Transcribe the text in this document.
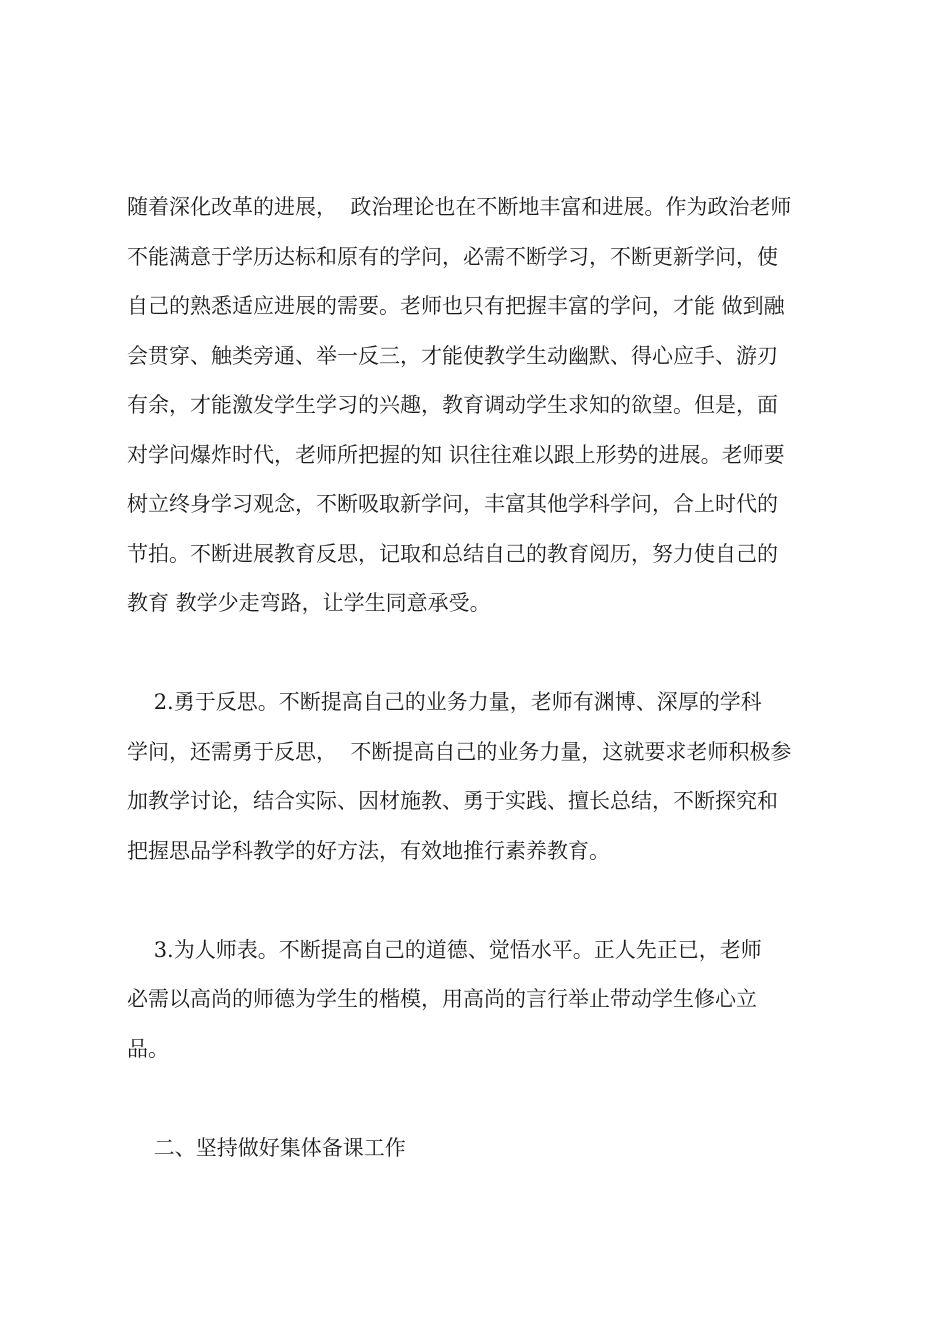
随着深化改革的进展，  政治理论也在不断地丰富和进展。作为政治老师
不能满意于学历达标和原有的学问，必需不断学习，不断更新学问，使
自己的熟悉适应进展的需要。老师也只有把握丰富的学问，才能 做到融
会贯穿、触类旁通、举一反三，才能使教学生动幽默、得心应手、游刃
有余，才能激发学生学习的兴趣，教育调动学生求知的欲望。但是，面
对学问爆炸时代，老师所把握的知 识往往难以跟上形势的进展。老师要
树立终身学习观念，不断吸取新学问，丰富其他学科学问，合上时代的
节拍。不断进展教育反思，记取和总结自己的教育阅历，努力使自己的
教育 教学少走弯路，让学生同意承受。
2.勇于反思。不断提高自己的业务力量，老师有渊博、深厚的学科
学问，还需勇于反思，  不断提高自己的业务力量，这就要求老师积极参
加教学讨论，结合实际、因材施教、勇于实践、擅长总结，不断探究和
把握思品学科教学的好方法，有效地推行素养教育。
3.为人师表。不断提高自己的道德、觉悟水平。正人先正已，老师
必需以高尚的师德为学生的楷模，用高尚的言行举止带动学生修心立
品。
二、坚持做好集体备课工作
